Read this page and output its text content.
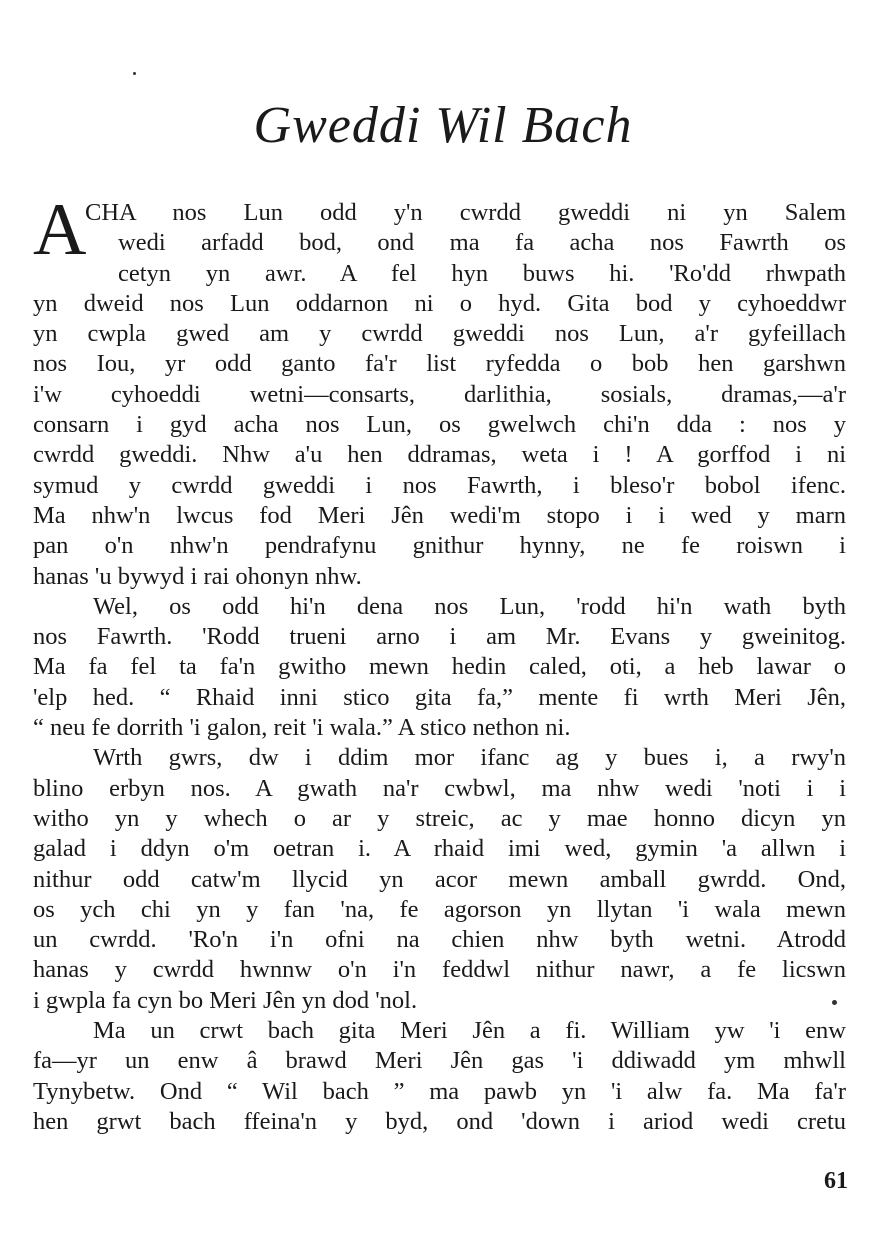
Gweddi Wil Bach
A
CHA nos Lun odd y'n cwrdd gweddi ni yn Salem
wedi arfadd bod, ond ma fa acha nos Fawrth os
cetyn yn awr. A fel hyn buws hi. 'Ro'dd rhwpath
yn dweid nos Lun oddarnon ni o hyd. Gita bod y cyhoeddwr
yn cwpla gwed am y cwrdd gweddi nos Lun, a'r gyfeillach
nos Iou, yr odd ganto fa'r list ryfedda o bob hen garshwn
i'w cyhoeddi wetni—consarts, darlithia, sosials, dramas,—a'r
consarn i gyd acha nos Lun, os gwelwch chi'n dda : nos y
cwrdd gweddi. Nhw a'u hen ddramas, weta i ! A gorffod i ni
symud y cwrdd gweddi i nos Fawrth, i bleso'r bobol ifenc.
Ma nhw'n lwcus fod Meri Jên wedi'm stopo i i wed y marn
pan o'n nhw'n pendrafynu gnithur hynny, ne fe roiswn i
hanas 'u bywyd i rai ohonyn nhw.
Wel, os odd hi'n dena nos Lun, 'rodd hi'n wath byth
nos Fawrth. 'Rodd trueni arno i am Mr. Evans y gweinitog.
Ma fa fel ta fa'n gwitho mewn hedin caled, oti, a heb lawar o
'elp hed. “ Rhaid inni stico gita fa,” mente fi wrth Meri Jên,
“ neu fe dorrith 'i galon, reit 'i wala.” A stico nethon ni.
Wrth gwrs, dw i ddim mor ifanc ag y bues i, a rwy'n
blino erbyn nos. A gwath na'r cwbwl, ma nhw wedi 'noti i i
witho yn y whech o ar y streic, ac y mae honno dicyn yn
galad i ddyn o'm oetran i. A rhaid imi wed, gymin 'a allwn i
nithur odd catw'm llycid yn acor mewn amball gwrdd. Ond,
os ych chi yn y fan 'na, fe agorson yn llytan 'i wala mewn
un cwrdd. 'Ro'n i'n ofni na chien nhw byth wetni. Atrodd
hanas y cwrdd hwnnw o'n i'n feddwl nithur nawr, a fe licswn
i gwpla fa cyn bo Meri Jên yn dod 'nol.
Ma un crwt bach gita Meri Jên a fi. William yw 'i enw
fa—yr un enw â brawd Meri Jên gas 'i ddiwadd ym mhwll
Tynybetw. Ond “ Wil bach ” ma pawb yn 'i alw fa. Ma fa'r
hen grwt bach ffeina'n y byd, ond 'down i ariod wedi cretu
61
